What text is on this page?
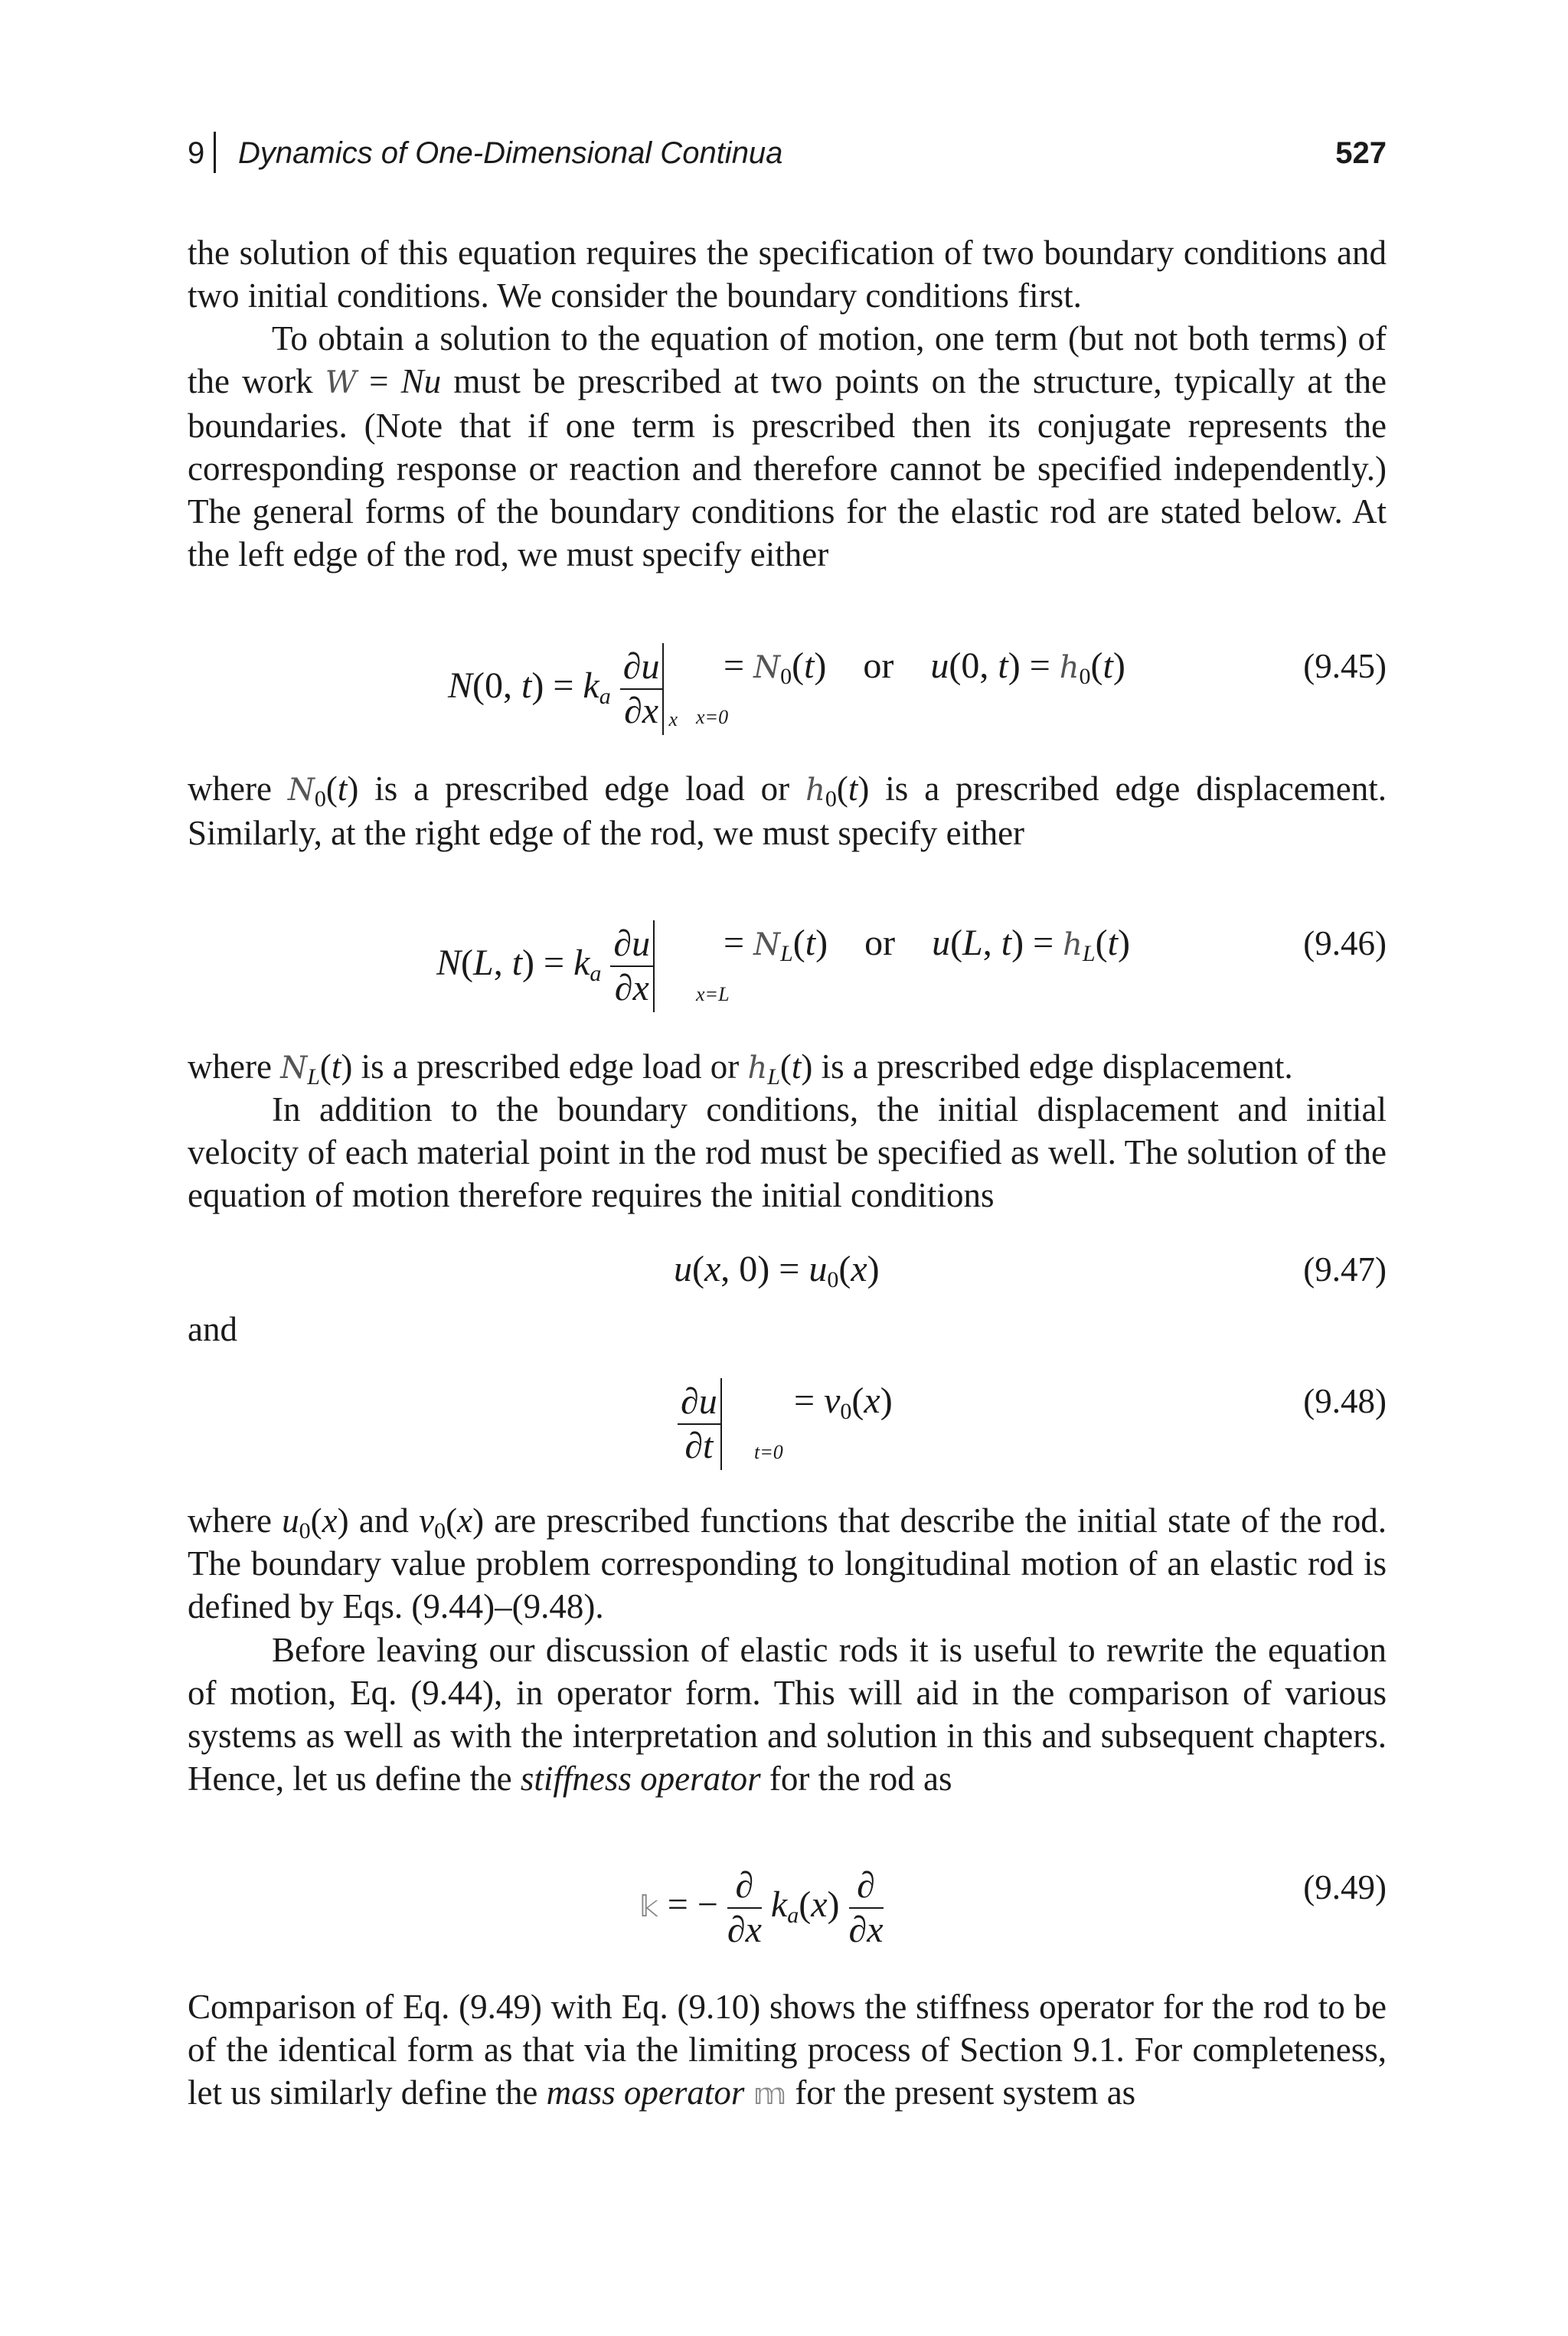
9 Dynamics of One-Dimensional Continua	527
the solution of this equation requires the specification of two boundary conditions and two initial conditions. We consider the boundary conditions first.
To obtain a solution to the equation of motion, one term (but not both terms) of the work W = Nu must be prescribed at two points on the structure, typically at the boundaries. (Note that if one term is prescribed then its conjugate represents the corresponding response or reaction and therefore cannot be specified independently.) The general forms of the boundary conditions for the elastic rod are stated below. At the left edge of the rod, we must specify either
N(0, $t) = k_a \frac{\partial u}{\partial x}$ x x=0
= $N_0(t)$    or    u(0, $t) = h_0(t)$	(9.45)
where $N_0(t)$ is a prescribed edge load or $h_0(t)$ is a prescribed edge displacement. Similarly, at the right edge of the rod, we must specify either
N(L, $t) = k_a \frac{\partial u}{\partial x} x=L$
= $N_L(t)$    or    u(L, $t) = h_L(t)$	(9.46)
where $N_L(t)$ is a prescribed edge load or $h_L(t)$ is a prescribed edge displacement.
In addition to the boundary conditions, the initial displacement and initial velocity of each material point in the rod must be specified as well. The solution of the equation of motion therefore requires the initial conditions
u(x, $0) = u_0(x)$	(9.47)
and
$\frac{\partial u}{\partial t} t=0$
= $v_0(x)$	(9.48)
where $u_0(x)$ and $v_0(x)$ are prescribed functions that describe the initial state of the rod. The boundary value problem corresponding to longitudinal motion of an elastic rod is defined by Eqs. (9.44)–(9.48).
Before leaving our discussion of elastic rods it is useful to rewrite the equation of motion, Eq. (9.44), in operator form. This will aid in the comparison of various systems as well as with the interpretation and solution in this and subsequent chapters. Hence, let us define the stiffness operator for the rod as
𝕜 = − $\frac{\partial}{\partial x} k_a(x) \frac{\partial}{\partial x}$	(9.49)
Comparison of Eq. (9.49) with Eq. (9.10) shows the stiffness operator for the rod to be of the identical form as that via the limiting process of Section 9.1. For completeness, let us similarly define the mass operator 𝕞 for the present system as
